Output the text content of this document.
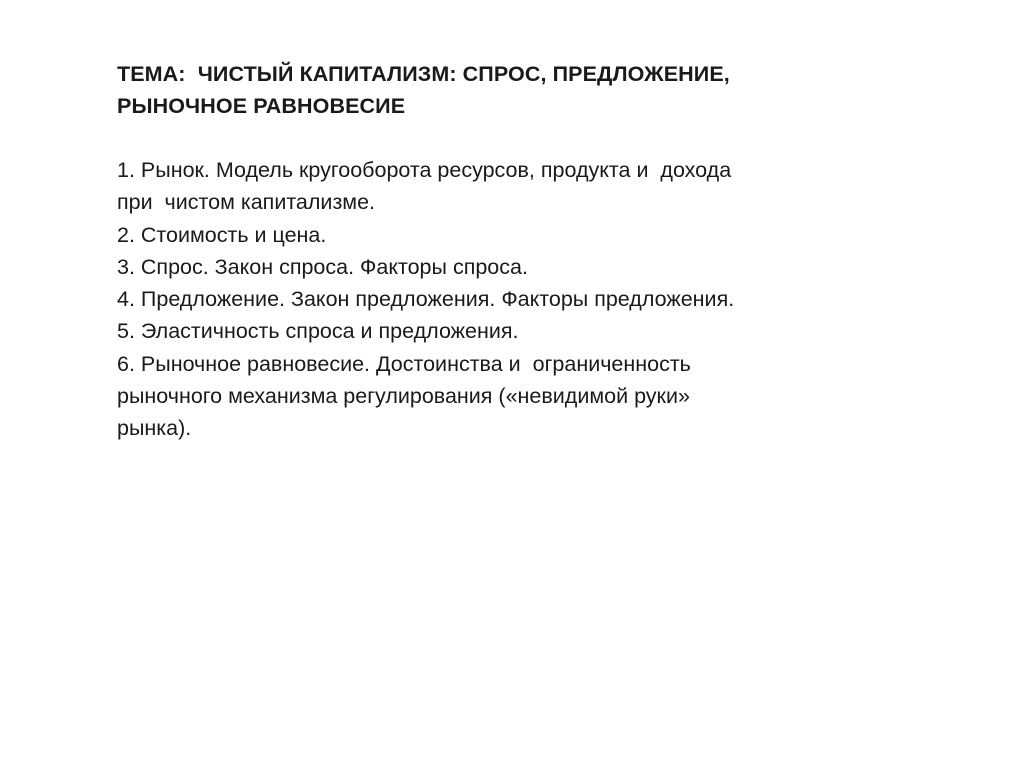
ТЕМА:  ЧИСТЫЙ КАПИТАЛИЗМ: СПРОС, ПРЕДЛОЖЕНИЕ,
РЫНОЧНОЕ РАВНОВЕСИЕ
1. Рынок. Модель кругооборота ресурсов, продукта и  дохода
при  чистом капитализме.
2. Стоимость и цена.
3. Спрос. Закон спроса. Факторы спроса.
4. Предложение. Закон предложения. Факторы предложения.
5. Эластичность спроса и предложения.
6. Рыночное равновесие. Достоинства и  ограниченность
рыночного механизма регулирования («невидимой руки»
рынка).
